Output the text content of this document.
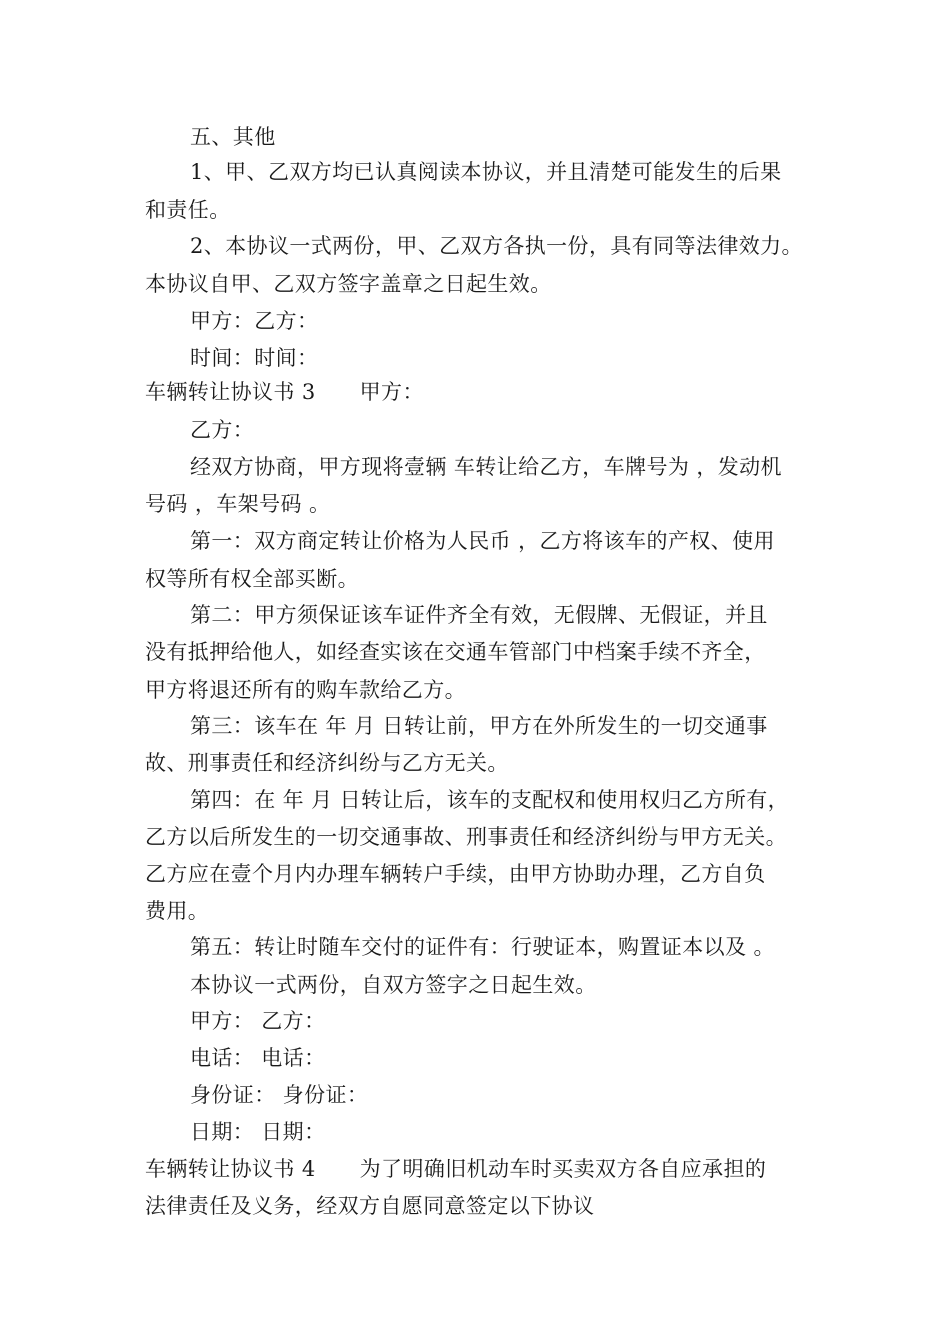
五、其他
1、甲、乙双方均已认真阅读本协议，并且清楚可能发生的后果
和责任。
2、本协议一式两份，甲、乙双方各执一份，具有同等法律效力。
本协议自甲、乙双方签字盖章之日起生效。
甲方：乙方：
时间：时间：
车辆转让协议书 3 甲方：
乙方：
经双方协商，甲方现将壹辆 车转让给乙方，车牌号为 ，发动机
号码 ，车架号码 。
第一：双方商定转让价格为人民币 ，乙方将该车的产权、使用
权等所有权全部买断。
第二：甲方须保证该车证件齐全有效，无假牌、无假证，并且
没有抵押给他人，如经查实该在交通车管部门中档案手续不齐全，
甲方将退还所有的购车款给乙方。
第三：该车在 年 月 日转让前，甲方在外所发生的一切交通事
故、刑事责任和经济纠纷与乙方无关。
第四：在 年 月 日转让后，该车的支配权和使用权归乙方所有，
乙方以后所发生的一切交通事故、刑事责任和经济纠纷与甲方无关。
乙方应在壹个月内办理车辆转户手续，由甲方协助办理，乙方自负
费用。
第五：转让时随车交付的证件有：行驶证本，购置证本以及 。
本协议一式两份，自双方签字之日起生效。
甲方： 乙方：
电话： 电话：
身份证： 身份证：
日期： 日期：
车辆转让协议书 4 为了明确旧机动车时买卖双方各自应承担的
法律责任及义务，经双方自愿同意签定以下协议
